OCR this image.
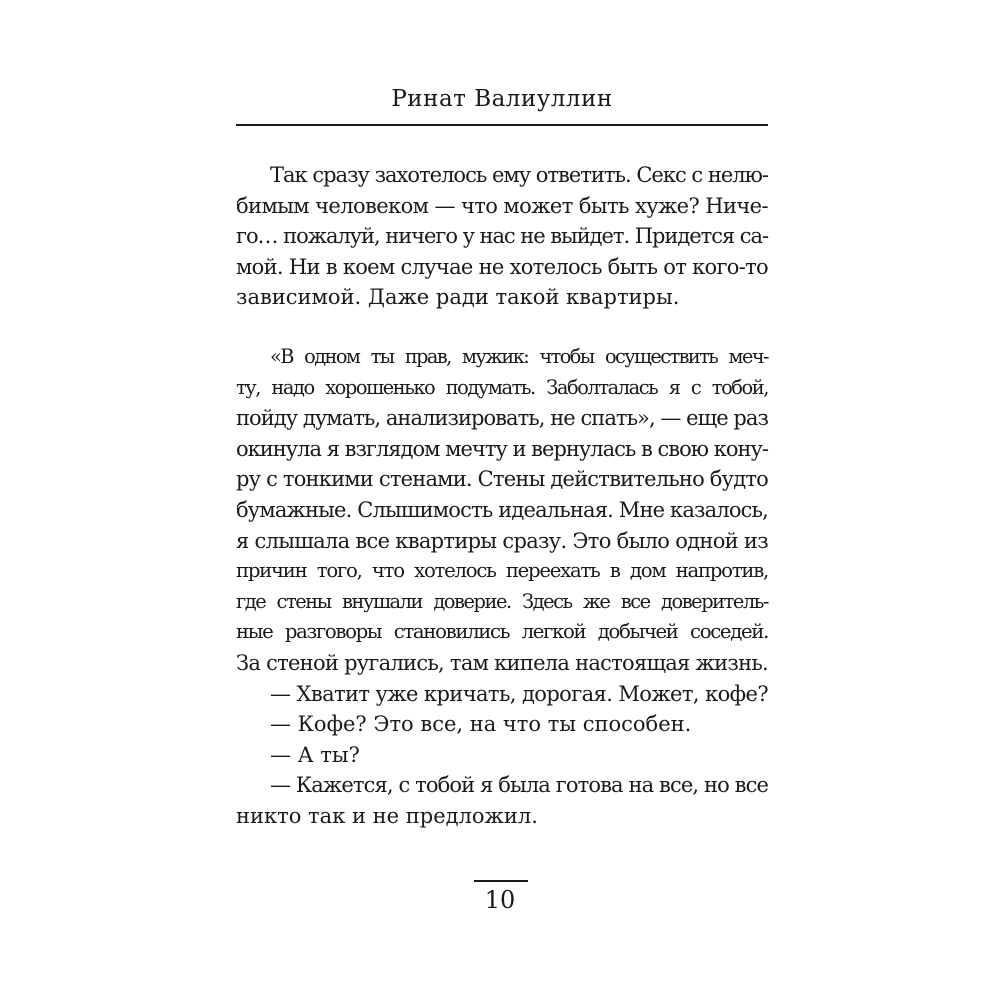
Ринат Валиуллин
Так сразу захотелось ему ответить. Секс с нелю-
бимым человеком — что может быть хуже? Ниче-
го… пожалуй, ничего у нас не выйдет. Придется са-
мой. Ни в коем случае не хотелось быть от кого-то
зависимой. Даже ради такой квартиры.
«В одном ты прав, мужик: чтобы осуществить меч-
ту, надо хорошенько подумать. Заболталась я с тобой,
пойду думать, анализировать, не спать», — еще раз
окинула я взглядом мечту и вернулась в свою кону-
ру с тонкими стенами. Стены действительно будто
бумажные. Слышимость идеальная. Мне казалось,
я слышала все квартиры сразу. Это было одной из
причин того, что хотелось переехать в дом напротив,
где стены внушали доверие. Здесь же все доверитель-
ные разговоры становились легкой добычей соседей.
За стеной ругались, там кипела настоящая жизнь.
— Хватит уже кричать, дорогая. Может, кофе?
— Кофе? Это все, на что ты способен.
— А ты?
— Кажется, с тобой я была готова на все, но все
никто так и не предложил.
10
